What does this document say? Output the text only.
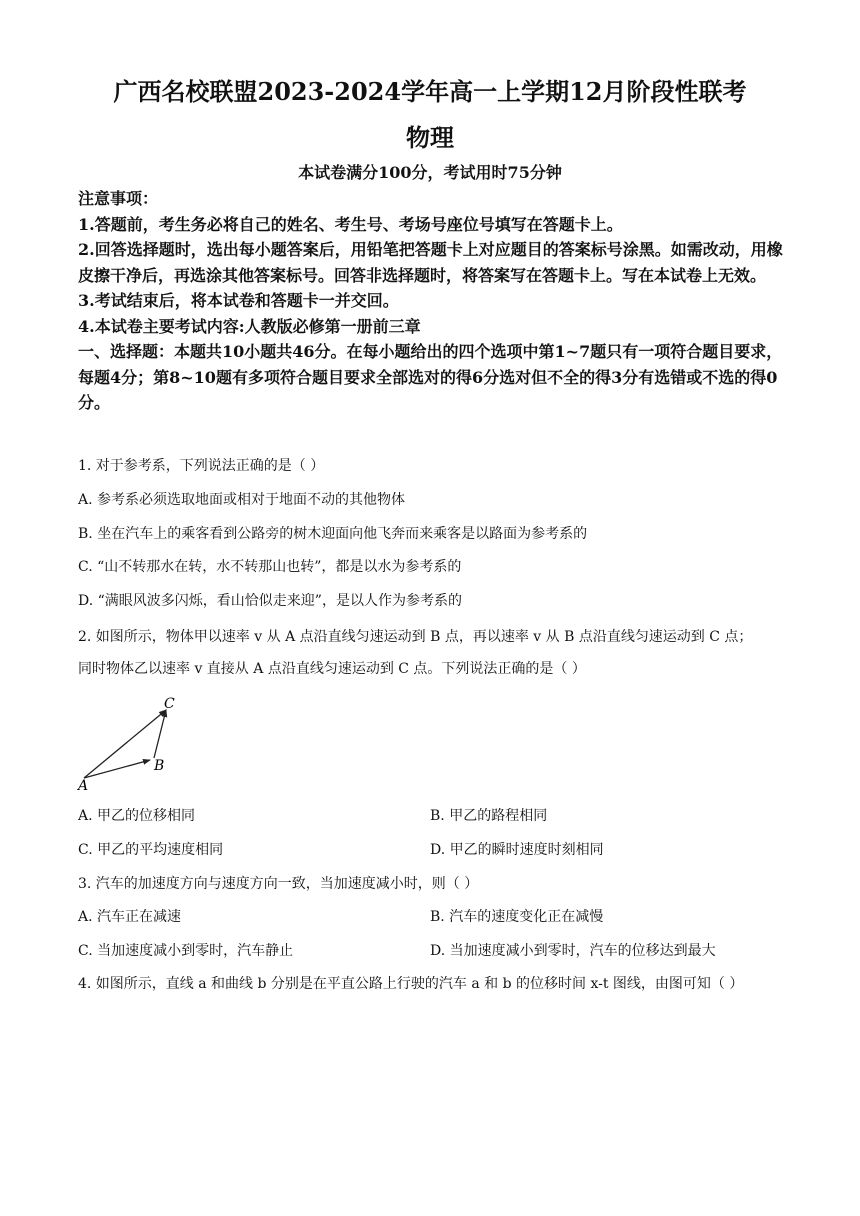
广西名校联盟2023-2024学年高一上学期12月阶段性联考
物理
本试卷满分100分，考试用时75分钟

注意事项：

1.答题前，考生务必将自己的姓名、考生号、考场号座位号填写在答题卡上。

2.回答选择题时，选出每小题答案后，用铅笔把答题卡上对应题目的答案标号涂黑。如需改动，用橡皮擦干净后，再选涂其他答案标号。回答非选择题时，将答案写在答题卡上。写在本试卷上无效。

3.考试结束后，将本试卷和答题卡一并交回。

4.本试卷主要考试内容:人教版必修第一册前三章

一、选择题：本题共10小题共46分。在每小题给出的四个选项中第1~7题只有一项符合题目要求，每题4分；第8~10题有多项符合题目要求全部选对的得6分选对但不全的得3分有选错或不选的得0分。

1. 对于参考系，下列说法正确的是（ ）
A. 参考系必须选取地面或相对于地面不动的其他物体
B. 坐在汽车上的乘客看到公路旁的树木迎面向他飞奔而来乘客是以路面为参考系的
C. “山不转那水在转，水不转那山也转”，都是以水为参考系的
D. “满眼风波多闪烁，看山恰似走来迎”，是以人作为参考系的
2. 如图所示，物体甲以速率 v 从 A 点沿直线匀速运动到 B 点，再以速率 v 从 B 点沿直线匀速运动到 C 点；
同时物体乙以速率 v 直接从 A 点沿直线匀速运动到 C 点。下列说法正确的是（ ）
C
B
A
A. 甲乙的位移相同	B. 甲乙的路程相同
C. 甲乙的平均速度相同	D. 甲乙的瞬时速度时刻相同
3. 汽车的加速度方向与速度方向一致，当加速度减小时，则（ ）
A. 汽车正在减速	B. 汽车的速度变化正在减慢
C. 当加速度减小到零时，汽车静止	D. 当加速度减小到零时，汽车的位移达到最大
4. 如图所示，直线 a 和曲线 b 分别是在平直公路上行驶的汽车 a 和 b 的位移时间 x-t 图线，由图可知（ ）
